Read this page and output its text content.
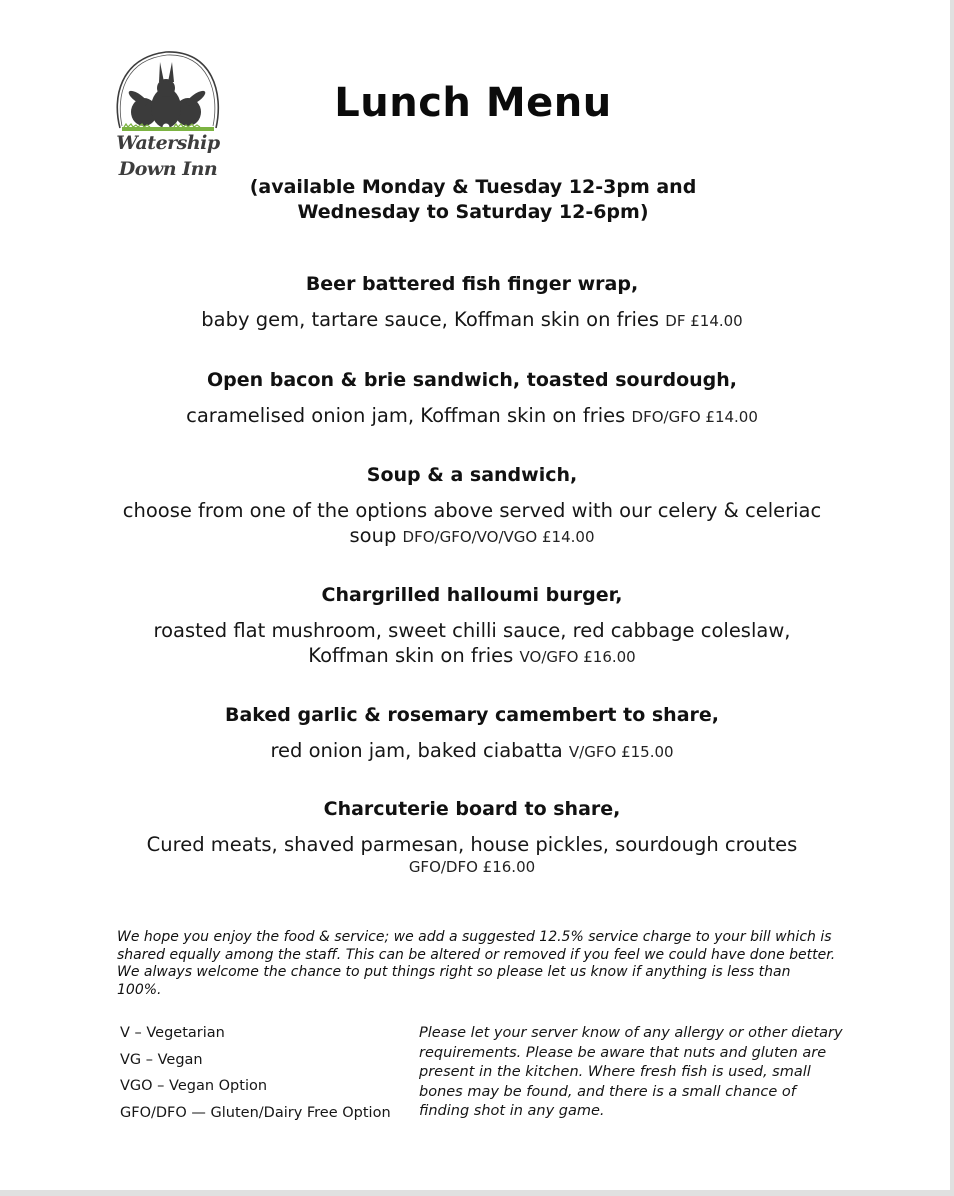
Watership
Down Inn
Lunch Menu
(available Monday & Tuesday 12-3pm and
Wednesday to Saturday 12-6pm)
Beer battered fish finger wrap,
baby gem, tartare sauce, Koffman skin on fries DF £14.00
Open bacon & brie sandwich, toasted sourdough,
caramelised onion jam, Koffman skin on fries DFO/GFO £14.00
Soup & a sandwich,
choose from one of the options above served with our celery & celeriac
soup DFO/GFO/VO/VGO £14.00
Chargrilled halloumi burger,
roasted flat mushroom, sweet chilli sauce, red cabbage coleslaw,
Koffman skin on fries VO/GFO £16.00
Baked garlic & rosemary camembert to share,
red onion jam, baked ciabatta V/GFO £15.00
Charcuterie board to share,
Cured meats, shaved parmesan, house pickles, sourdough croutes
GFO/DFO £16.00

We hope you enjoy the food & service; we add a suggested 12.5% service charge to your bill which is shared equally among the staff. This can be altered or removed if you feel we could have done better. We always welcome the chance to put things right so please let us know if anything is less than 100%.

V – Vegetarian
VG – Vegan
VGO – Vegan Option
GFO/DFO — Gluten/Dairy Free Option

Please let your server know of any allergy or other dietary requirements. Please be aware that nuts and gluten are present in the kitchen. Where fresh fish is used, small bones may be found, and there is a small chance of finding shot in any game.
